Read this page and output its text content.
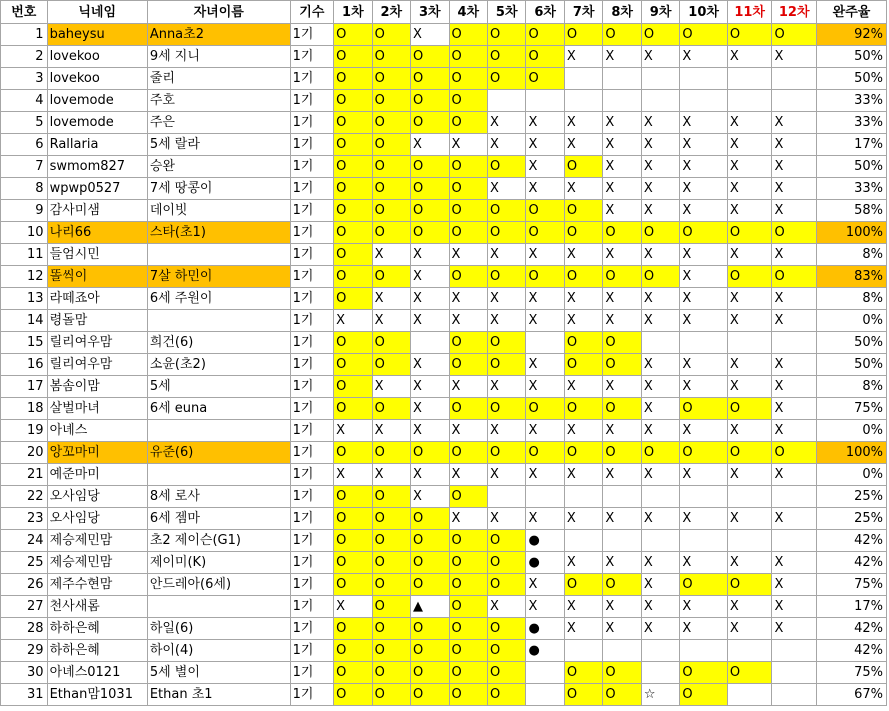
번호	닉네임	자녀이름	기수	1차	2차	3차	4차	5차	6차	7차	8차	9차	10차	11차	12차	완주율
1	baheysu	Anna초2	1기	O	O	X	O	O	O	O	O	O	O	O	O	92%
2	lovekoo	9세 지니	1기	O	O	O	O	O	O	X	X	X	X	X	X	50%
3	lovekoo	줄리	1기	O	O	O	O	O	O							50%
4	lovemode	주호	1기	O	O	O	O									33%
5	lovemode	주은	1기	O	O	O	O	X	X	X	X	X	X	X	X	33%
6	Rallaria	5세 랄라	1기	O	O	X	X	X	X	X	X	X	X	X	X	17%
7	swmom827	승완	1기	O	O	O	O	O	X	O	X	X	X	X	X	50%
8	wpwp0527	7세 땅콩이	1기	O	O	O	O	X	X	X	X	X	X	X	X	33%
9	감사미샘	데이빗	1기	O	O	O	O	O	O	O	X	X	X	X	X	58%
10	나리66	스타(초1)	1기	O	O	O	O	O	O	O	O	O	O	O	O	100%
11	들엄시민		1기	O	X	X	X	X	X	X	X	X	X	X	X	8%
12	똘씩이	7살 하민이	1기	O	O	X	O	O	O	O	O	O	X	O	O	83%
13	라떼죠아	6세 주원이	1기	O	X	X	X	X	X	X	X	X	X	X	X	8%
14	령돌맘		1기	X	X	X	X	X	X	X	X	X	X	X	X	0%
15	릴리여우맘	희건(6)	1기	O	O		O	O		O	O					50%
16	릴리여우맘	소윤(초2)	1기	O	O	X	O	O	X	O	O	X	X	X	X	50%
17	봄솜이맘	5세	1기	O	X	X	X	X	X	X	X	X	X	X	X	8%
18	살벌마녀	6세 euna	1기	O	O	X	O	O	O	O	O	X	O	O	X	75%
19	아녜스		1기	X	X	X	X	X	X	X	X	X	X	X	X	0%
20	앙꼬마미	유준(6)	1기	O	O	O	O	O	O	O	O	O	O	O	O	100%
21	예준마미		1기	X	X	X	X	X	X	X	X	X	X	X	X	0%
22	오사임당	8세 로사	1기	O	O	X	O									25%
23	오사임당	6세 젬마	1기	O	O	O	X	X	X	X	X	X	X	X	X	25%
24	제승제민맘	초2 제이슨(G1)	1기	O	O	O	O	O	●							42%
25	제승제민맘	제이미(K)	1기	O	O	O	O	O	●	X	X	X	X	X	X	42%
26	제주수현맘	안드레아(6세)	1기	O	O	O	O	O	X	O	O	X	O	O	X	75%
27	천사새롬		1기	X	O	▲	O	X	X	X	X	X	X	X	X	17%
28	하하은혜	하일(6)	1기	O	O	O	O	O	●	X	X	X	X	X	X	42%
29	하하은혜	하이(4)	1기	O	O	O	O	O	●							42%
30	아녜스0121	5세 별이	1기	O	O	O	O	O		O	O		O	O		75%
31	Ethan맘1031	Ethan 초1	1기	O	O	O	O	O		O	O	☆	O			67%
